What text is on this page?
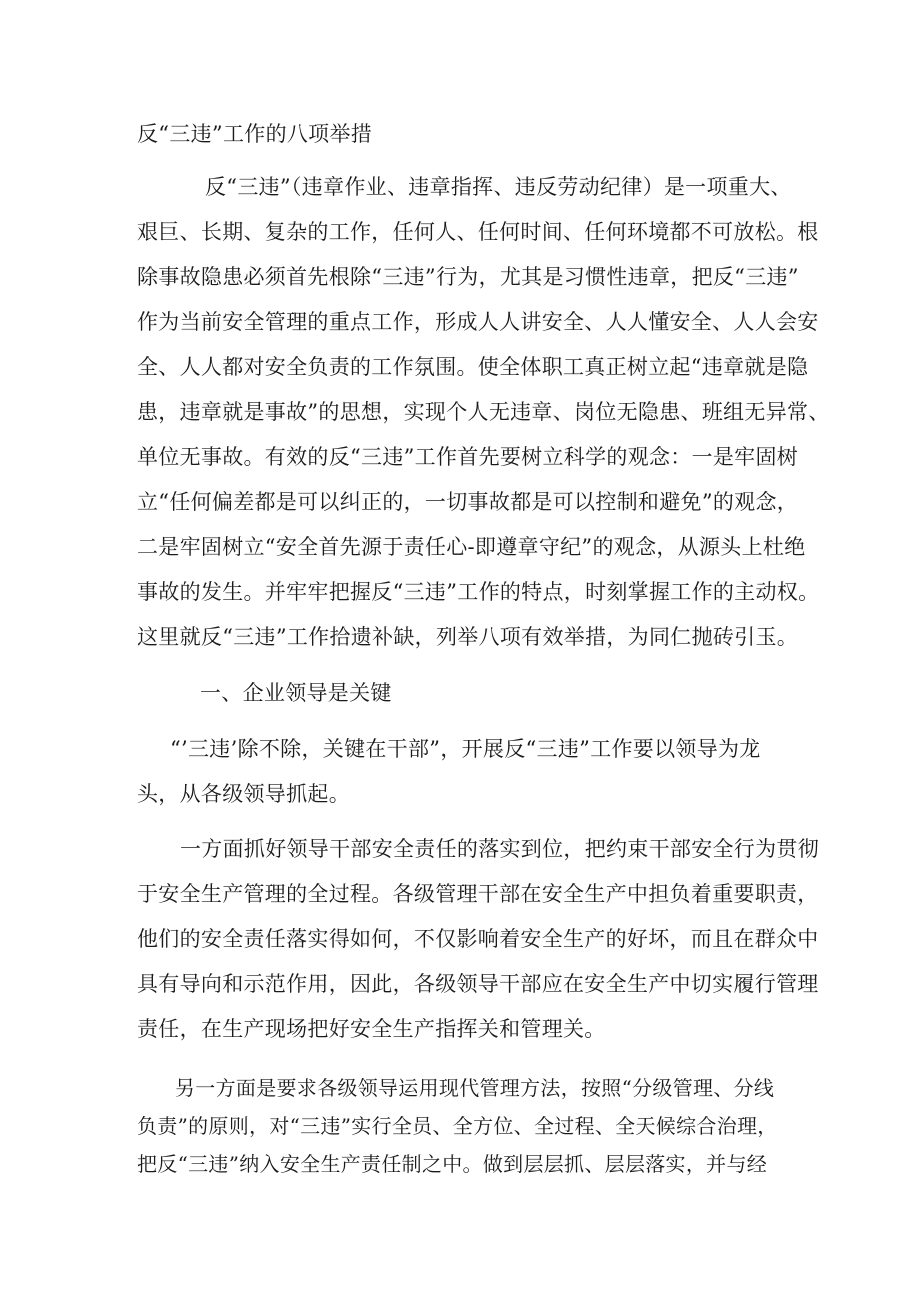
反“三违”工作的八项举措
反“三违”（违章作业、违章指挥、违反劳动纪律）是一项重大、
艰巨、长期、复杂的工作，任何人、任何时间、任何环境都不可放松。根
除事故隐患必须首先根除“三违”行为，尤其是习惯性违章，把反“三违”
作为当前安全管理的重点工作，形成人人讲安全、人人懂安全、人人会安
全、人人都对安全负责的工作氛围。使全体职工真正树立起“违章就是隐
患，违章就是事故”的思想，实现个人无违章、岗位无隐患、班组无异常、
单位无事故。有效的反“三违”工作首先要树立科学的观念：一是牢固树
立“任何偏差都是可以纠正的，一切事故都是可以控制和避免”的观念，
二是牢固树立“安全首先源于责任心-即遵章守纪”的观念，从源头上杜绝
事故的发生。并牢牢把握反“三违”工作的特点，时刻掌握工作的主动权。
这里就反“三违”工作拾遗补缺，列举八项有效举措，为同仁抛砖引玉。
一、企业领导是关键
“’三违’除不除，关键在干部”，开展反“三违”工作要以领导为龙
头，从各级领导抓起。
一方面抓好领导干部安全责任的落实到位，把约束干部安全行为贯彻
于安全生产管理的全过程。各级管理干部在安全生产中担负着重要职责，
他们的安全责任落实得如何，不仅影响着安全生产的好坏，而且在群众中
具有导向和示范作用，因此，各级领导干部应在安全生产中切实履行管理
责任，在生产现场把好安全生产指挥关和管理关。
另一方面是要求各级领导运用现代管理方法，按照“分级管理、分线
负责”的原则，对“三违”实行全员、全方位、全过程、全天候综合治理，
把反“三违”纳入安全生产责任制之中。做到层层抓、层层落实，并与经
